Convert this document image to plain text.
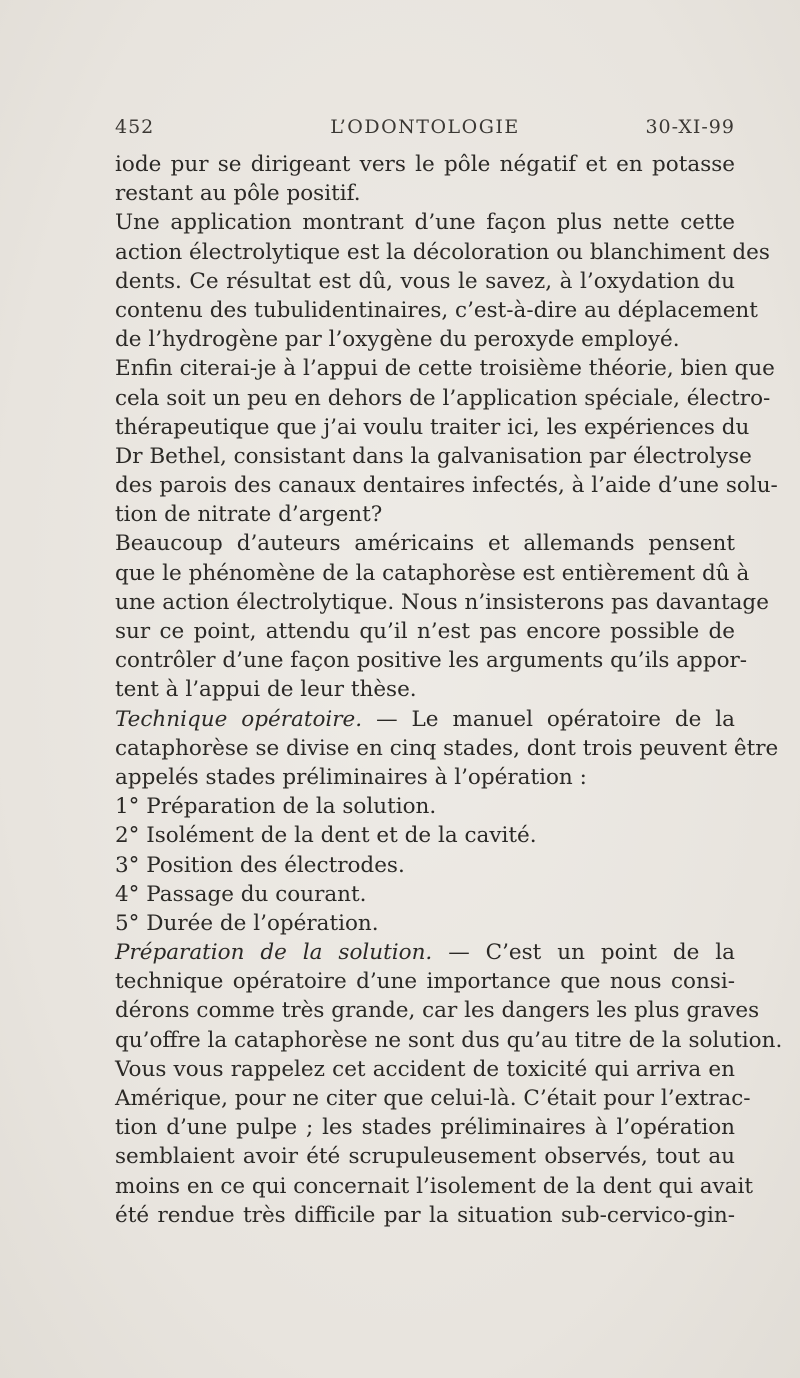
452	L’ODONTOLOGIE	30-XI-99
iode pur se dirigeant vers le pôle négatif et en potasse
restant au pôle positif.
Une application montrant d’une façon plus nette cette
action électrolytique est la décoloration ou blanchiment des
dents. Ce résultat est dû, vous le savez, à l’oxydation du
contenu des tubulidentinaires, c’est-à-dire au déplacement
de l’hydrogène par l’oxygène du peroxyde employé.
Enfin citerai-je à l’appui de cette troisième théorie, bien que
cela soit un peu en dehors de l’application spéciale, électro-
thérapeutique que j’ai voulu traiter ici, les expériences du
Dr Bethel, consistant dans la galvanisation par électrolyse
des parois des canaux dentaires infectés, à l’aide d’une solu-
tion de nitrate d’argent?
Beaucoup d’auteurs américains et allemands pensent
que le phénomène de la cataphorèse est entièrement dû à
une action électrolytique. Nous n’insisterons pas davantage
sur ce point, attendu qu’il n’est pas encore possible de
contrôler d’une façon positive les arguments qu’ils appor-
tent à l’appui de leur thèse.
Technique opératoire. — Le manuel opératoire de la
cataphorèse se divise en cinq stades, dont trois peuvent être
appelés stades préliminaires à l’opération :
1° Préparation de la solution.
2° Isolément de la dent et de la cavité.
3° Position des électrodes.
4° Passage du courant.
5° Durée de l’opération.
Préparation de la solution. — C’est un point de la
technique opératoire d’une importance que nous consi-
dérons comme très grande, car les dangers les plus graves
qu’offre la cataphorèse ne sont dus qu’au titre de la solution.
Vous vous rappelez cet accident de toxicité qui arriva en
Amérique, pour ne citer que celui-là. C’était pour l’extrac-
tion d’une pulpe ; les stades préliminaires à l’opération
semblaient avoir été scrupuleusement observés, tout au
moins en ce qui concernait l’isolement de la dent qui avait
été rendue très difficile par la situation sub-cervico-gin-
